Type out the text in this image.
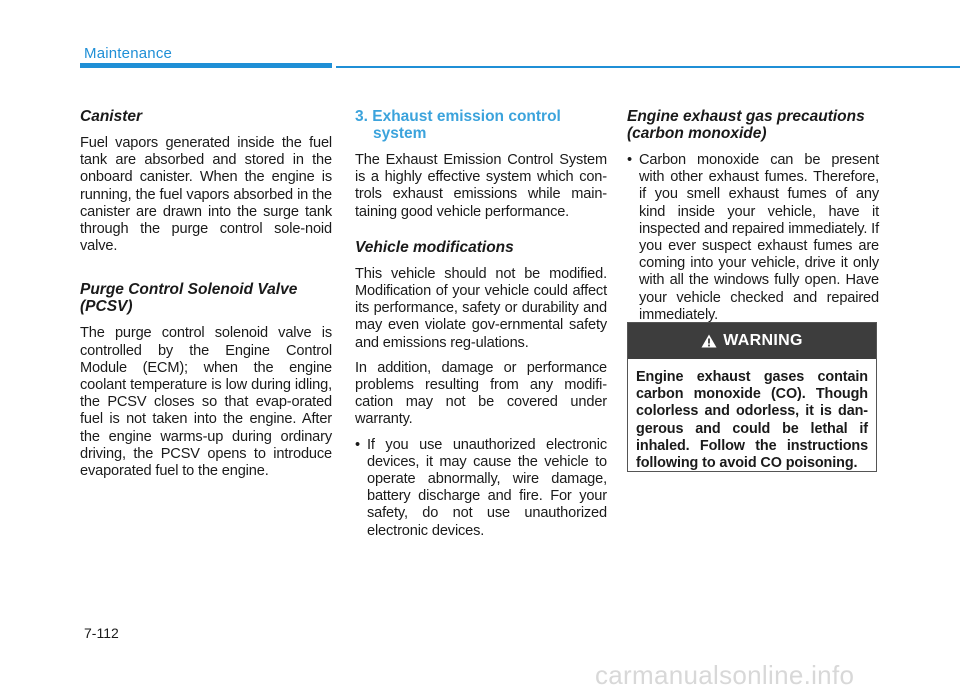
Maintenance
Canister

Fuel vapors generated inside the fuel tank are absorbed and stored in the onboard canister. When the engine is running, the fuel vapors absorbed in the canister are drawn into the surge tank through the purge control sole-noid valve.

Purge Control Solenoid Valve
(PCSV)

The purge control solenoid valve is controlled by the Engine Control Module (ECM); when the engine coolant temperature is low during idling, the PCSV closes so that evap-orated fuel is not taken into the engine. After the engine warms-up during ordinary driving, the PCSV opens to introduce evaporated fuel to the engine.

3. Exhaust emission control
system

The Exhaust Emission Control System is a highly effective system which con-trols exhaust emissions while main-taining good vehicle performance.

Vehicle modifications

This vehicle should not be modified. Modification of your vehicle could affect its performance, safety or durability and may even violate gov-ernmental safety and emissions reg-ulations.

In addition, damage or performance problems resulting from any modifi-cation may not be covered under warranty.

• If you use unauthorized electronic devices, it may cause the vehicle to operate abnormally, wire damage, battery discharge and fire. For your safety, do not use unauthorized electronic devices.
Engine exhaust gas precautions
(carbon monoxide)
• Carbon monoxide can be present with other exhaust fumes. Therefore, if you smell exhaust fumes of any kind inside your vehicle, have it inspected and repaired immediately. If you ever suspect exhaust fumes are coming into your vehicle, drive it only with all the windows fully open. Have your vehicle checked and repaired immediately.
WARNING
Engine exhaust gases contain carbon monoxide (CO). Though colorless and odorless, it is dan-gerous and could be lethal if inhaled. Follow the instructions following to avoid CO poisoning.
7-112
carmanualsonline.info
